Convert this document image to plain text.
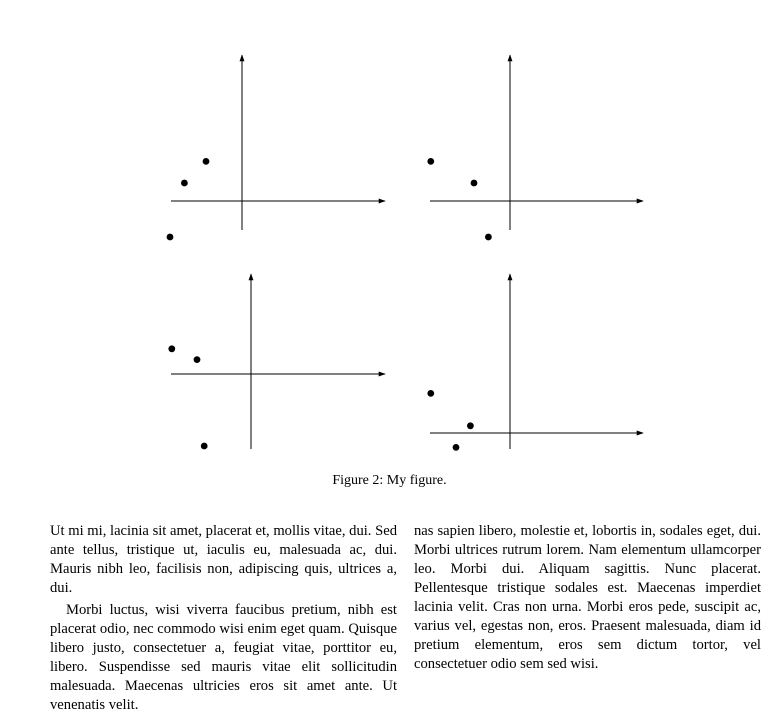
Figure 2: My figure.

Ut mi mi, lacinia sit amet, placerat et, mollis vitae, dui. Sed ante tellus, tristique ut, iaculis eu, malesuada ac, dui. Mauris nibh leo, facilisis non, adipiscing quis, ultrices a, dui.

Morbi luctus, wisi viverra faucibus pretium, nibh est placerat odio, nec commodo wisi enim eget quam. Quisque libero justo, consectetuer a, feugiat vitae, porttitor eu, libero. Suspendisse sed mauris vitae elit sollicitudin malesuada. Maecenas ultricies eros sit amet ante. Ut venenatis velit.

nas sapien libero, molestie et, lobortis in, sodales eget, dui. Morbi ultrices rutrum lorem. Nam elementum ullamcorper leo. Morbi dui. Aliquam sagittis. Nunc placerat. Pellentesque tristique sodales est. Maecenas imperdiet lacinia velit. Cras non urna. Morbi eros pede, suscipit ac, varius vel, egestas non, eros. Praesent malesuada, diam id pretium elementum, eros sem dictum tortor, vel consectetuer odio sem sed wisi.
